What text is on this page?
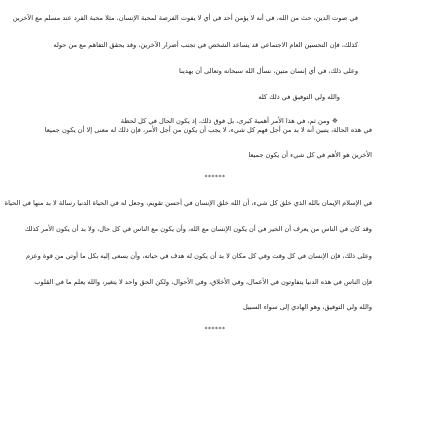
في صوت الدين، حث من الله، في أنه لا يؤمن أحد في أي لا يفوت الفرصة لمحبة الإنسان، مثلا محبة الفرد عند مسلم مع الآخرين
كذلك، فإن التحسين العام الاجتماعي قد يساعد الشخص في تجنب أضرار الآخرين، وقد يحقق التفاهم مع من حوله
وعلى ذلك، في أي إنسان متين، نسأل الله سبحانه وتعالى أن يهدينا
والله ولي التوفيق في ذلك كله
❖ومن ثم، في هذا الأمر أهمية كبرى، بل فوق ذلك، إذ يكون الحال في كل لحظة
في هذه الحالة، يتبين أنه لا بد من أجل فهم كل شيء، لا يجب أن يكون من أجل الأمر، فإن ذلك له معنى إلا أن يكون جميعا
الأخرين هو الأهم في كل شيء أن يكون جميعا
******
في الإسلام الإيمان بالله الذي خلق كل شيء، أن الله خلق الإنسان في أحسن تقويم، وجعل له في الحياة الدنيا رسالة لا بد منها في الحياة
وقد كان في الناس من يعرف أن الخير في أن يكون الإنسان مع الله، وأن يكون مع الناس في كل حال، ولا بد أن يكون الأمر كذلك
وعلى ذلك، فإن الإنسان في كل وقت وفي كل مكان لا بد أن يكون له هدف في حياته، وأن يسعى إليه بكل ما أوتي من قوة وعزم
فإن الناس في هذه الدنيا يتفاوتون في الأعمال، وفي الأخلاق، وفي الأحوال، ولكن الحق واحد لا يتغير، والله يعلم ما في القلوب
والله ولي التوفيق، وهو الهادي إلى سواء السبيل
******
